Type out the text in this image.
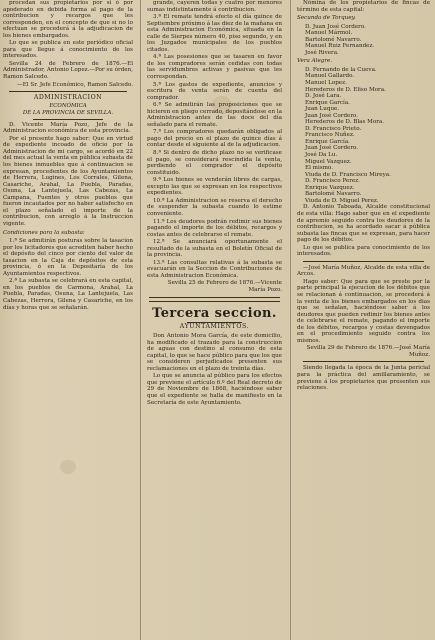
procedan sus propietarios por si ó por apoderado en debida forma al pago de la contribucion y recargos que les corresponden, en el concepto de que si no lo efectuan se procederá á la adjudicacion de los bienes embargados.

Lo que se publica en este periódico oficial para que llegue á conocimiento de los interesados.

Sevilla 24 de Febrero de 1876.—El Administrador, Antonio Lopez.—Por su órden, Ramon Salcedo.

—El Sr. Jefe Económico, Ramon Salcedo.

ADMINISTRACION

ECONÓMICA

DE LA PROVINCIA DE SEVILLA.

D. Vicente María Pozo, Jefe de la Administracion económica de esta provincia.

Por el presente hago saber: Que en virtud de expediente incoado de oficio por la Administracion de mi cargo, se acordó en 22 del mes actual la venta en pública subasta de los bienes inmuebles que á continuacion se expresan, procedentes de los Ayuntamientos de Herrera, Lugines, Los Corrales, Gilena, Casariche, Arahal, La Puebla, Paradas, Osuna, La Lantejuela, Las Cabezas, La Campana, Fuentes y otros pueblos que fueron incautados por no haber satisfecho en el plazo señalado el importe de la contribucion, con arreglo á la Instruccion vigente.

Condiciones para la subasta:

1.ª Se admitirán posturas sobre la tasacion por los licitadores que acrediten haber hecho el depósito del cinco por ciento del valor de tasacion en la Caja de depósitos de esta provincia, ó en la Depositaría de los Ayuntamientos respectivos.

2.ª La subasta se celebrará en esta capital, en los pueblos de Carmona, Arahal, La Puebla, Paradas, Osuna, La Lantejuela, Las Cabezas, Herrera, Gilena y Casariche, en los días y horas que se señalarán.

grande, cayeren todas y cuatro por menores sumas indistintamente á contribucion.

3.ª El remate tendrá efecto el día quince de Septiembre próximo á las diez de la mañana en esta Administracion Económica, situada en la calle de Sierpes número 40, piso segundo, y en los Juzgados municipales de los pueblos citados.

4.ª Las posesiones que se tasaren en favor de los compradores serán cedidas con todas las servidumbres activas y pasivas que les correspondan.

5.ª Los gastos de expediente, anuncios y escritura de venta serán de cuenta del comprador.

6.ª Se admitirán las proposiciones que se hicieren en pliego cerrado, depositándose en la Administracion antes de las doce del día señalado para el remate.

7.ª Los compradores quedarán obligados al pago del precio en el plazo de quince días á contar desde el siguiente al de la adjudicacion.

8.ª Si dentro de dicho plazo no se verificase el pago, se considerará rescindida la venta, perdiendo el comprador el depósito constituido.

9.ª Los bienes se venderán libres de cargas, excepto las que se expresan en los respectivos expedientes.

10.ª La Administracion se reserva el derecho de suspender la subasta cuando lo estime conveniente.

11.ª Los deudores podrán redimir sus bienes pagando el importe de los débitos, recargos y costas antes de celebrarse el remate.

12.ª Se anunciará oportunamente el resultado de la subasta en el Boletín Oficial de la provincia.

13.ª Las consultas relativas á la subasta se evacuarán en la Seccion de Contribuciones de esta Administracion Económica.

Sevilla 25 de Febrero de 1876.—Vicente María Pozo.

Tercera seccion.

AYUNTAMIENTOS.

Don Antonio Mora García, de este domicilio, ha modificado el trazado para la construccion de aguas con destino al consumo de esta capital, lo que se hace público para que los que se consideren perjudicados presenten sus reclamaciones en el plazo de treinta días.

Lo que se anuncia al público para los efectos que previene el artículo 6.º del Real decreto de 29 de Noviembre de 1868, haciéndose saber que el expediente se halla de manifiesto en la Secretaría de este Ayuntamiento.

Nómina de los propietarios de fincas de término de esta capital:

Secunda de Torquey.

D. Juan José Cordero.
Manuel Mármol.
Bartolomé Navarro.
Manuel Ruiz Fernandez.
José Rivera.

Vera Alegre.

D. Fernando de la Cueva.
Manuel Gallardo.
Manuel Lopez.
Herederos de D. Eliso Mora.
D. José Lara.
Enrique García.
Juan Luque.
Juan José Cordero.
Herederos de D. Blas Mora.
D. Francisco Prieto.
Francisco Nuñez.
Enrique García.
Juan José Cordero.
José Da Lu.
Miguel Vazquez.
El mismo.
Viuda de D. Francisco Mireya.
D. Francisco Perez.
Enrique Vazquez.
Bartolomé Navarro.
Viuda de D. Miguel Perez.

D. Antonio Taboada, Alcalde constitucional de esta villa: Hago saber que en el expediente de apremio seguido contra los deudores de la contribucion, se ha acordado sacar á pública subasta las fincas que se expresan, para hacer pago de los débitos.

Lo que se publica para conocimiento de los interesados.

—José María Muñoz, Alcalde de esta villa de Arcos.

Hago saber: Que para que se preste por la parte principal la ejecucion de los débitos que se relacionan á continuacion, se procederá á la venta de los bienes embargados en los dias que se señalan, haciéndose saber á los deudores que pueden redimir los bienes antes de celebrarse el remate, pagando el importe de los débitos, recargos y costas devengados en el procedimiento seguido contra los mismos.

Sevilla 29 de Febrero de 1876.—José María Muñoz.

Siendo llegada la época de la Junta pericial para la práctica del amillaramiento, se previene á los propietarios que presenten sus relaciones.
